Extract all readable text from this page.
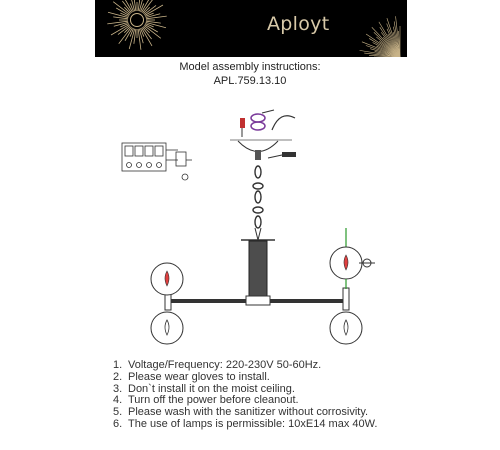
Aployt
Model assembly instructions:
APL.759.13.10
1. Voltage/Frequency: 220-230V 50-60Hz.
2. Please wear gloves to install.
3. Don`t install it on the moist ceiling.
4. Turn off the power before cleanout.
5. Please wash with the sanitizer without corrosivity.
6. The use of lamps is permissible: 10xE14 max 40W.
